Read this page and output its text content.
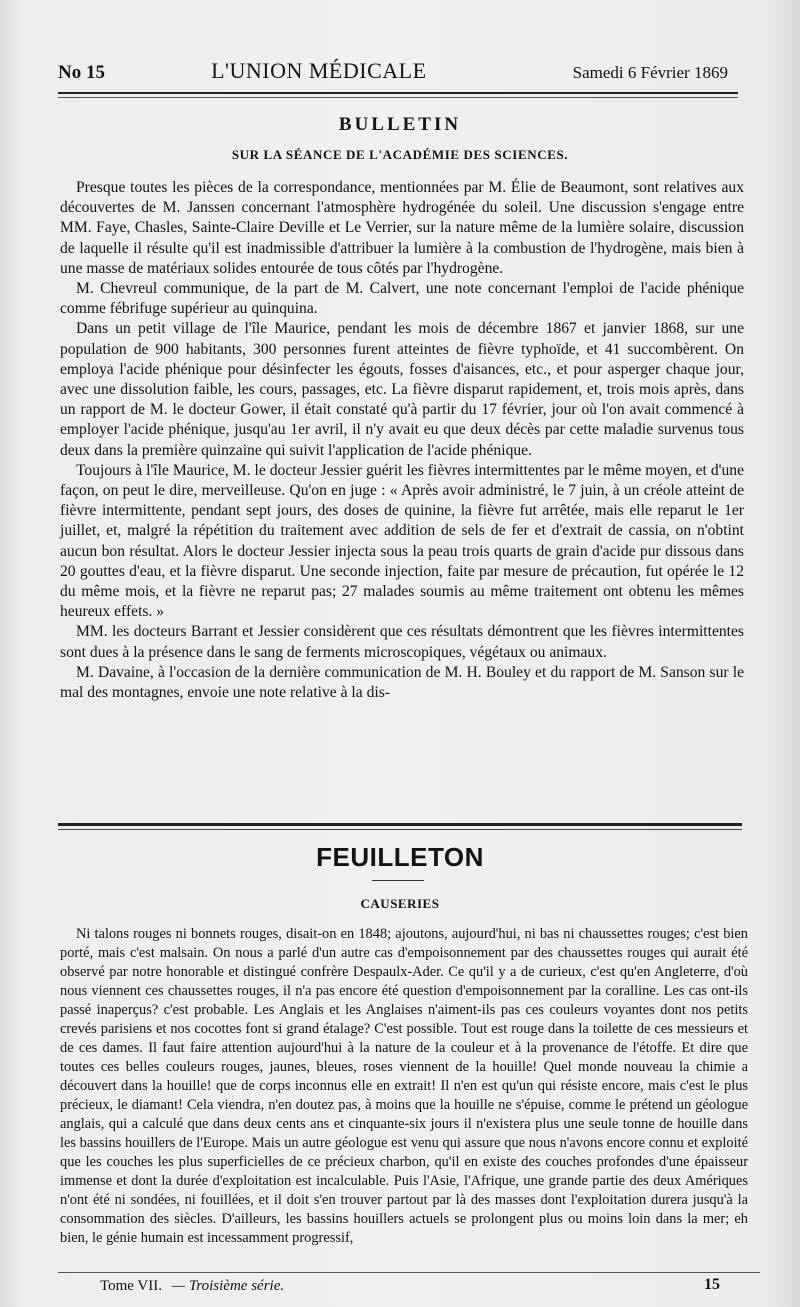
No 15	L'UNION MÉDICALE	Samedi 6 Février 1869
BULLETIN
SUR LA SÉANCE DE L'ACADÉMIE DES SCIENCES.

Presque toutes les pièces de la correspondance, mentionnées par M. Élie de Beaumont, sont relatives aux découvertes de M. Janssen concernant l'atmosphère hydrogénée du soleil. Une discussion s'engage entre MM. Faye, Chasles, Sainte-Claire Deville et Le Verrier, sur la nature même de la lumière solaire, discussion de laquelle il résulte qu'il est inadmissible d'attribuer la lumière à la combustion de l'hydrogène, mais bien à une masse de matériaux solides entourée de tous côtés par l'hydrogène.

M. Chevreul communique, de la part de M. Calvert, une note concernant l'emploi de l'acide phénique comme fébrifuge supérieur au quinquina.

Dans un petit village de l'île Maurice, pendant les mois de décembre 1867 et janvier 1868, sur une population de 900 habitants, 300 personnes furent atteintes de fièvre typhoïde, et 41 succombèrent. On employa l'acide phénique pour désinfecter les égouts, fosses d'aisances, etc., et pour asperger chaque jour, avec une dissolution faible, les cours, passages, etc. La fièvre disparut rapidement, et, trois mois après, dans un rapport de M. le docteur Gower, il était constaté qu'à partir du 17 février, jour où l'on avait commencé à employer l'acide phénique, jusqu'au 1er avril, il n'y avait eu que deux décès par cette maladie survenus tous deux dans la première quinzaine qui suivit l'application de l'acide phénique.

Toujours à l'île Maurice, M. le docteur Jessier guérit les fièvres intermittentes par le même moyen, et d'une façon, on peut le dire, merveilleuse. Qu'on en juge : « Après avoir administré, le 7 juin, à un créole atteint de fièvre intermittente, pendant sept jours, des doses de quinine, la fièvre fut arrêtée, mais elle reparut le 1er juillet, et, malgré la répétition du traitement avec addition de sels de fer et d'extrait de cassia, on n'obtint aucun bon résultat. Alors le docteur Jessier injecta sous la peau trois quarts de grain d'acide pur dissous dans 20 gouttes d'eau, et la fièvre disparut. Une seconde injection, faite par mesure de précaution, fut opérée le 12 du même mois, et la fièvre ne reparut pas; 27 malades soumis au même traitement ont obtenu les mêmes heureux effets. »

MM. les docteurs Barrant et Jessier considèrent que ces résultats démontrent que les fièvres intermittentes sont dues à la présence dans le sang de ferments microscopiques, végétaux ou animaux.

M. Davaine, à l'occasion de la dernière communication de M. H. Bouley et du rapport de M. Sanson sur le mal des montagnes, envoie une note relative à la dis-

FEUILLETON
CAUSERIES

Ni talons rouges ni bonnets rouges, disait-on en 1848; ajoutons, aujourd'hui, ni bas ni chaussettes rouges; c'est bien porté, mais c'est malsain. On nous a parlé d'un autre cas d'empoisonnement par des chaussettes rouges qui aurait été observé par notre honorable et distingué confrère Despaulx-Ader. Ce qu'il y a de curieux, c'est qu'en Angleterre, d'où nous viennent ces chaussettes rouges, il n'a pas encore été question d'empoisonnement par la coralline. Les cas ont-ils passé inaperçus? c'est probable. Les Anglais et les Anglaises n'aiment-ils pas ces couleurs voyantes dont nos petits crevés parisiens et nos cocottes font si grand étalage? C'est possible. Tout est rouge dans la toilette de ces messieurs et de ces dames. Il faut faire attention aujourd'hui à la nature de la couleur et à la provenance de l'étoffe. Et dire que toutes ces belles couleurs rouges, jaunes, bleues, roses viennent de la houille! Quel monde nouveau la chimie a découvert dans la houille! que de corps inconnus elle en extrait! Il n'en est qu'un qui résiste encore, mais c'est le plus précieux, le diamant! Cela viendra, n'en doutez pas, à moins que la houille ne s'épuise, comme le prétend un géologue anglais, qui a calculé que dans deux cents ans et cinquante-six jours il n'existera plus une seule tonne de houille dans les bassins houillers de l'Europe. Mais un autre géologue est venu qui assure que nous n'avons encore connu et exploité que les couches les plus superficielles de ce précieux charbon, qu'il en existe des couches profondes d'une épaisseur immense et dont la durée d'exploitation est incalculable. Puis l'Asie, l'Afrique, une grande partie des deux Amériques n'ont été ni sondées, ni fouillées, et il doit s'en trouver partout par là des masses dont l'exploitation durera jusqu'à la consommation des siècles. D'ailleurs, les bassins houillers actuels se prolongent plus ou moins loin dans la mer; eh bien, le génie humain est incessamment progressif,

Tome VII. — Troisième série.	15
